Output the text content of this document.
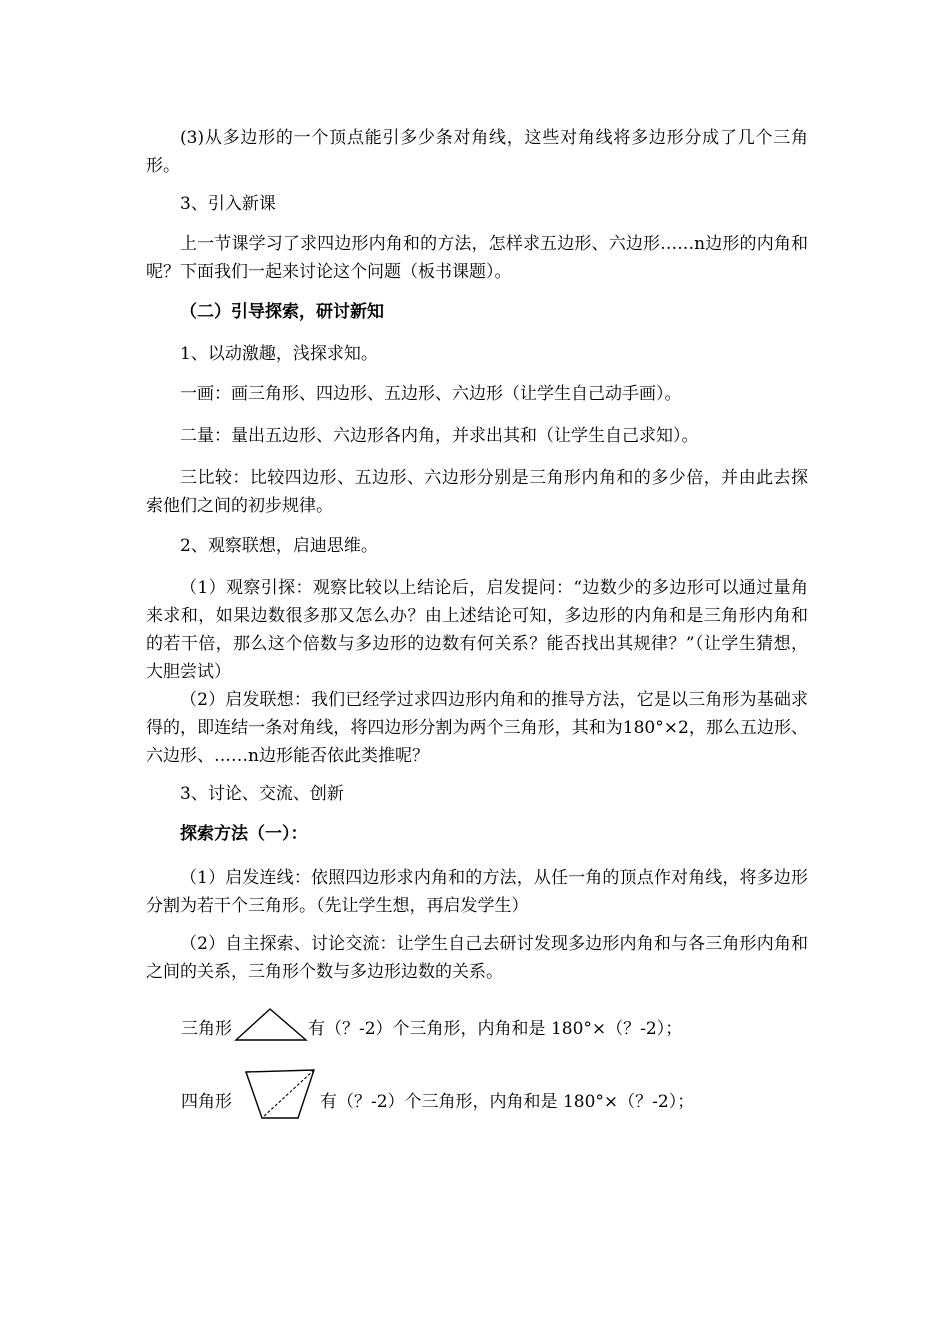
(3)从多边形的一个顶点能引多少条对角线，这些对角线将多边形分成了几个三角形。

3、引入新课

上一节课学习了求四边形内角和的方法，怎样求五边形、六边形……n边形的内角和呢？下面我们一起来讨论这个问题（板书课题）。

（二）引导探索，研讨新知

1、以动激趣，浅探求知。

一画：画三角形、四边形、五边形、六边形（让学生自己动手画）。

二量：量出五边形、六边形各内角，并求出其和（让学生自己求知）。

三比较：比较四边形、五边形、六边形分别是三角形内角和的多少倍，并由此去探索他们之间的初步规律。

2、观察联想，启迪思维。

（1）观察引探：观察比较以上结论后，启发提问：“边数少的多边形可以通过量角来求和，如果边数很多那又怎么办？由上述结论可知，多边形的内角和是三角形内角和的若干倍，那么这个倍数与多边形的边数有何关系？能否找出其规律？”（让学生猜想，大胆尝试）

（2）启发联想：我们已经学过求四边形内角和的推导方法，它是以三角形为基础求得的，即连结一条对角线，将四边形分割为两个三角形，其和为180°×2，那么五边形、六边形、……n边形能否依此类推呢？

3、讨论、交流、创新

探索方法（一）：

（1）启发连线：依照四边形求内角和的方法，从任一角的顶点作对角线，将多边形分割为若干个三角形。（先让学生想，再启发学生）

（2）自主探索、讨论交流：让学生自己去研讨发现多边形内角和与各三角形内角和之间的关系，三角形个数与多边形边数的关系。

三角形	有（？-2）个三角形，内角和是 180°×（？-2）；
四角形	有（？-2）个三角形，内角和是 180°×（？-2）；
